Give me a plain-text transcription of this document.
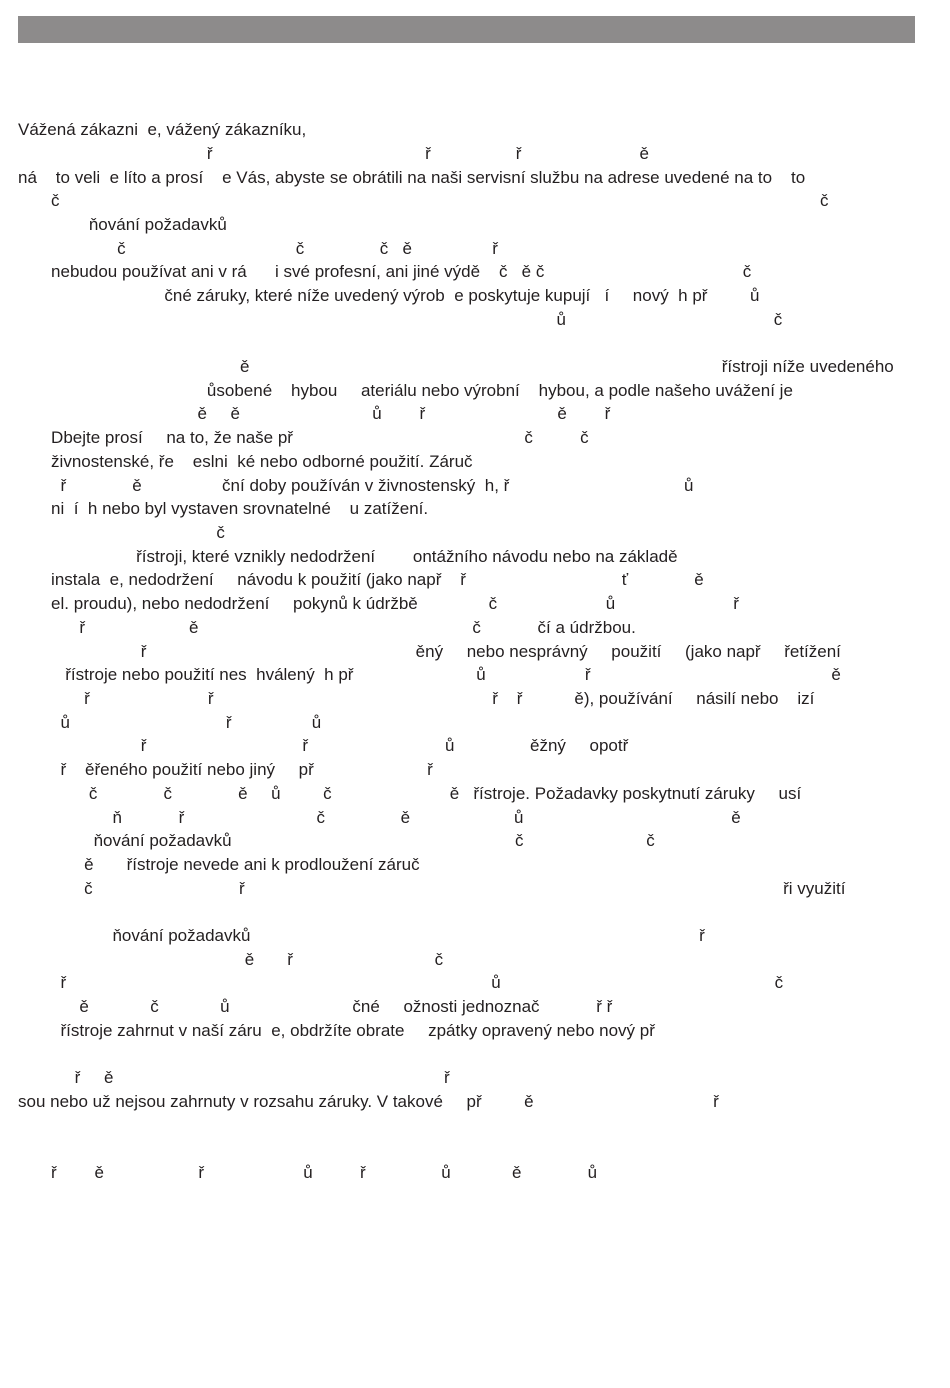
Vážená zákazni  e, vážený zákazníku,
ř                                             ř                  ř                         ě
ná    to veli  e líto a prosí    e Vás, abyste se obrátili na naši servisní službu na adrese uvedené na to    to
č                                                                                                                                                                 č
ňování požadavků
č                                    č                č   ě                 ř
nebudou používat ani v rá      i své profesní, ani jiné výdě    č   ě č                                          č
čné záruky, které níže uvedený výrob  e poskytuje kupují   í     nový  h př         ů
ů                                            č
ě                                                                                                    řístroji níže uvedeného
ůsobené    hybou     ateriálu nebo výrobní    hybou, a podle našeho uvážení je
ě     ě                            ů        ř                            ě        ř
Dbejte prosí     na to, že naše př                                                 č          č
živnostenské, ře    eslni  ké nebo odborné použití. Záruč
ř              ě                 ční doby používán v živnostenský  h, ř                                     ů
ni  í  h nebo byl vystaven srovnatelné    u zatížení.
č
řístroji, které vznikly nedodržení        ontážního návodu nebo na základě
instala  e, nedodržení     návodu k použití (jako např    ř                                 ť              ě
el. proudu), nebo nedodržení     pokynů k údržbě               č                       ů                         ř
ř                      ě                                                          č            čí a údržbou.
ř                                                         ěný     nebo nesprávný     použití     (jako např     řetížení
řístroje nebo použití nes  hválený  h př                          ů                     ř                                                   ě
ř                         ř                                                           ř    ř           ě), používání     násilí nebo    izí
ů                                 ř                 ů
ř                                 ř                             ů                ěžný     opotř
ř    ěřeného použití nebo jiný     př                        ř
č              č              ě     ů         č                         ě   řístroje. Požadavky poskytnutí záruky     usí
ň            ř                            č                ě                      ů                                            ě
ňování požadavků                                                            č                          č
ě       řístroje nevede ani k prodloužení záruč
č                               ř                                                                                                                  ři využití
ňování požadavků                                                                                               ř
ě       ř                              č
ř                                                                                          ů                                                          č
ě             č             ů                          čné     ožnosti jednoznač            ř ř
řístroje zahrnut v naší záru  e, obdržíte obrate     zpátky opravený nebo nový př
ř     ě                                                                      ř
sou nebo už nejsou zahrnuty v rozsahu záruky. V takové     př         ě                                      ř
ř        ě                    ř                     ů          ř                ů             ě              ů
